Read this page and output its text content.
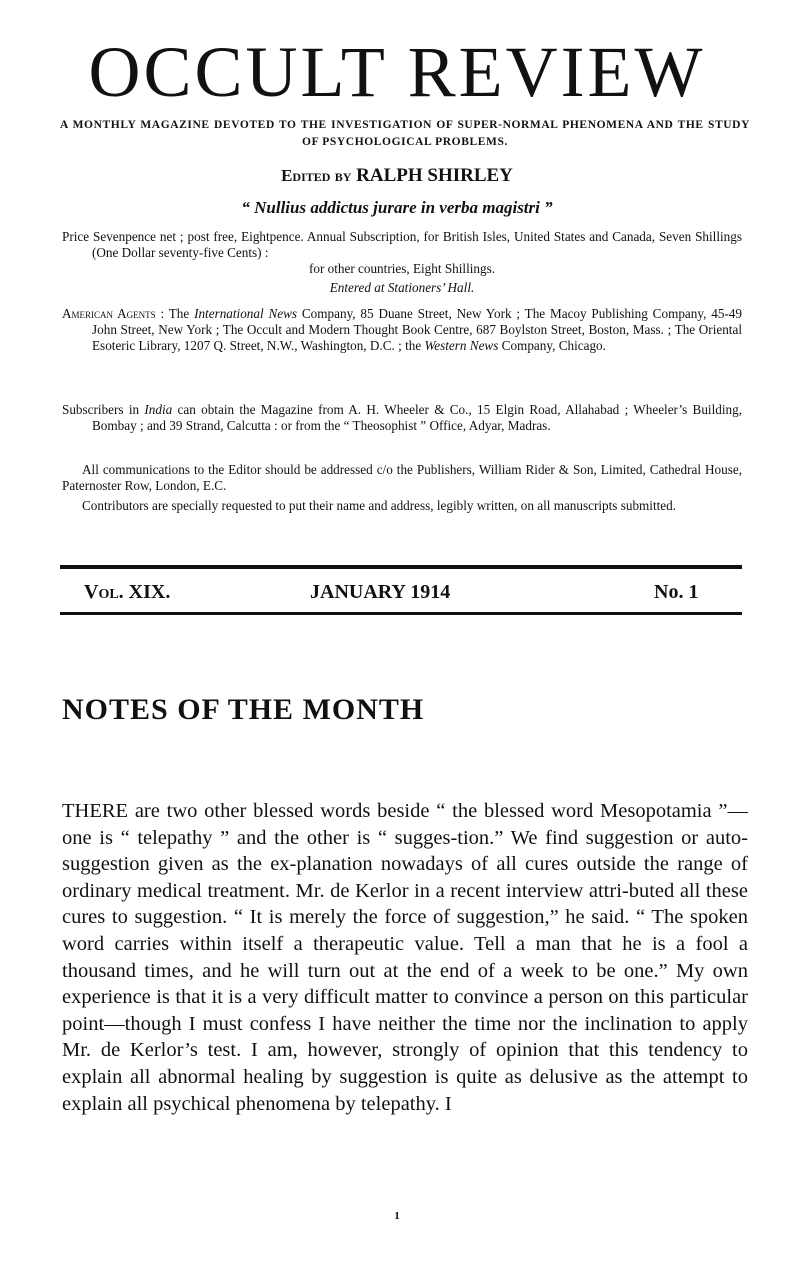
OCCULT REVIEW
A MONTHLY MAGAZINE DEVOTED TO THE INVESTIGATION OF SUPER-NORMAL PHENOMENA AND THE STUDY OF PSYCHOLOGICAL PROBLEMS.
Edited by RALPH SHIRLEY
“ Nullius addictus jurare in verba magistri ”
Price Sevenpence net ; post free, Eightpence. Annual Subscription, for British Isles, United States and Canada, Seven Shillings (One Dollar seventy-five Cents) :
for other countries, Eight Shillings.
Entered at Stationers’ Hall.
American Agents : The International News Company, 85 Duane Street, New York ; The Macoy Publishing Company, 45-49 John Street, New York ; The Occult and Modern Thought Book Centre, 687 Boylston Street, Boston, Mass. ; The Oriental Esoteric Library, 1207 Q. Street, N.W., Washington, D.C. ; the Western News Company, Chicago.
Subscribers in India can obtain the Magazine from A. H. Wheeler & Co., 15 Elgin Road, Allahabad ; Wheeler’s Building, Bombay ; and 39 Strand, Calcutta : or from the “ Theosophist ” Office, Adyar, Madras.
All communications to the Editor should be addressed c/o the Publishers, William Rider & Son, Limited, Cathedral House, Paternoster Row, London, E.C.
Contributors are specially requested to put their name and address, legibly written, on all manuscripts submitted.
Vol. XIX.	JANUARY 1914	No. 1
NOTES OF THE MONTH
THERE are two other blessed words beside “ the blessed word Mesopotamia ”—one is “ telepathy ” and the other is “ sugges-tion.” We find suggestion or auto-suggestion given as the ex-planation nowadays of all cures outside the range of ordinary medical treatment. Mr. de Kerlor in a recent interview attri-buted all these cures to suggestion. “ It is merely the force of suggestion,” he said. “ The spoken word carries within itself a therapeutic value. Tell a man that he is a fool a thousand times, and he will turn out at the end of a week to be one.” My own experience is that it is a very difficult matter to convince a person on this particular point—though I must confess I have neither the time nor the inclination to apply Mr. de Kerlor’s test. I am, however, strongly of opinion that this tendency to explain all abnormal healing by suggestion is quite as delusive as the attempt to explain all psychical phenomena by telepathy. I
1
